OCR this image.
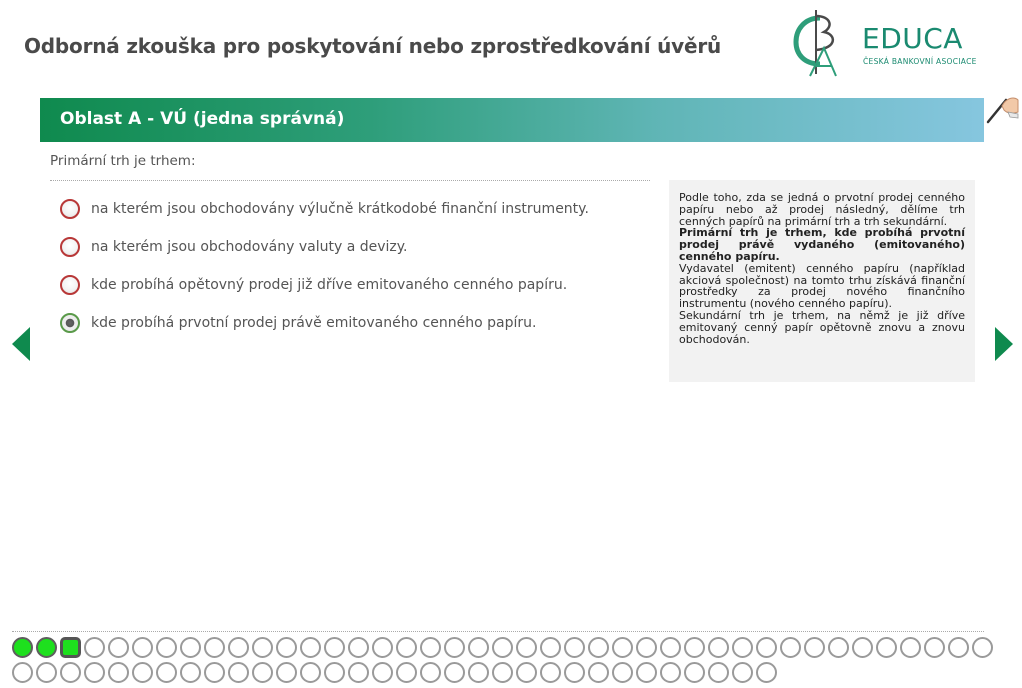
Odborná zkouška pro poskytování nebo zprostředkování úvěrů	EDUCA
ČESKÁ BANKOVNÍ ASOCIACE
Oblast A - VÚ (jedna správná)
Primární trh je trhem:
na kterém jsou obchodovány výlučně krátkodobé finanční instrumenty.
na kterém jsou obchodovány valuty a devizy.
kde probíhá opětovný prodej již dříve emitovaného cenného papíru.
kde probíhá prvotní prodej právě emitovaného cenného papíru.

Podle toho, zda se jedná o prvotní prodej cenného papíru nebo až prodej následný, dělíme trh cenných papírů na primární trh a trh sekundární.

Primární trh je trhem, kde probíhá prvotní prodej právě vydaného (emitovaného) cenného papíru.

Vydavatel (emitent) cenného papíru (například akciová společnost) na tomto trhu získává finanční prostředky za prodej nového finančního instrumentu (nového cenného papíru).

Sekundární trh je trhem, na němž je již dříve emitovaný cenný papír opětovně znovu a znovu obchodován.
